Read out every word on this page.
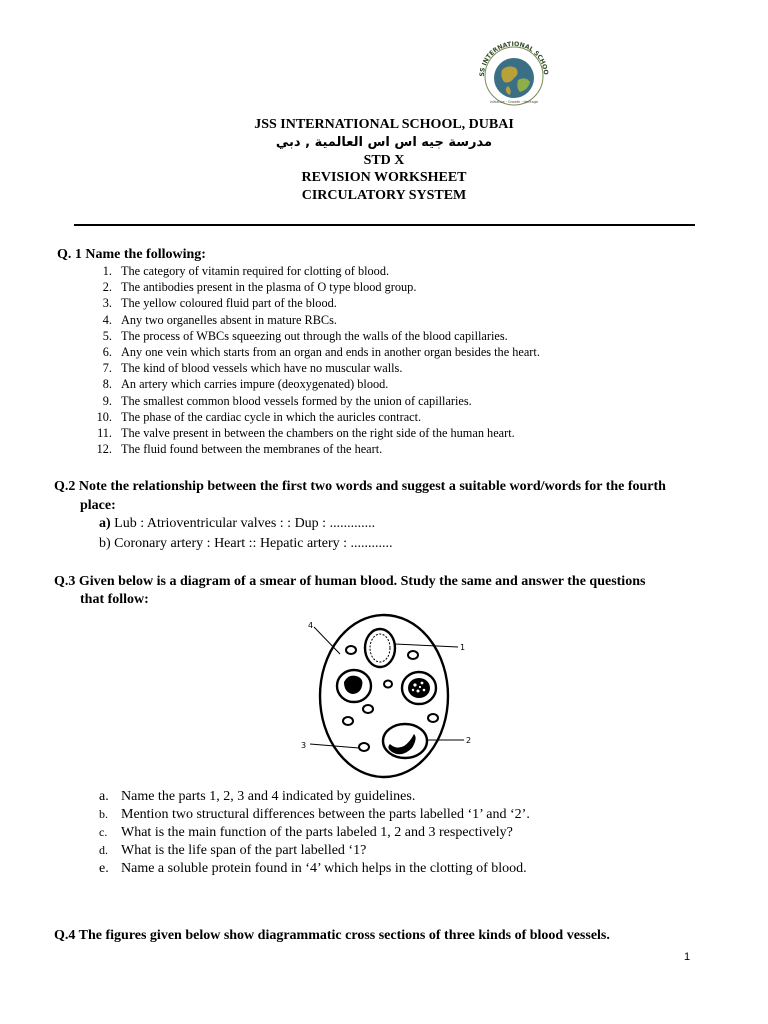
SS INTERNATIONAL SCHOO
Initiative · Growth · Heritage
JSS INTERNATIONAL SCHOOL, DUBAI
مدرسة جيه اس اس العالمية , دبي
STD X
REVISION WORKSHEET
CIRCULATORY SYSTEM
Q. 1 Name the following:
1. The category of vitamin required for clotting of blood.
2. The antibodies present in the plasma of O type blood group.
3. The yellow coloured fluid part of the blood.
4. Any two organelles absent in mature RBCs.
5. The process of WBCs squeezing out through the walls of the blood capillaries.
6. Any one vein which starts from an organ and ends in another organ besides the heart.
7. The kind of blood vessels which have no muscular walls.
8. An artery which carries impure (deoxygenated) blood.
9. The smallest common blood vessels formed by the union of capillaries.
10. The phase of the cardiac cycle in which the auricles contract.
11. The valve present in between the chambers on the right side of the human heart.
12. The fluid found between the membranes of the heart.
Q.2 Note the relationship between the first two words and suggest a suitable word/words for the fourth
place:
a) Lub : Atrioventricular valves : : Dup : .............
b) Coronary artery : Heart :: Hepatic artery : ............
Q.3 Given below is a diagram of a smear of human blood. Study the same and answer the questions
that follow:
1
2
3
4
a. Name the parts 1, 2, 3 and 4 indicated by guidelines.
b. Mention two structural differences between the parts labelled ‘1’ and ‘2’.
c. What is the main function of the parts labeled 1, 2 and 3 respectively?
d. What is the life span of the part labelled ‘1?
e. Name a soluble protein found in ‘4’ which helps in the clotting of blood.
Q.4 The figures given below show diagrammatic cross sections of three kinds of blood vessels.
1
